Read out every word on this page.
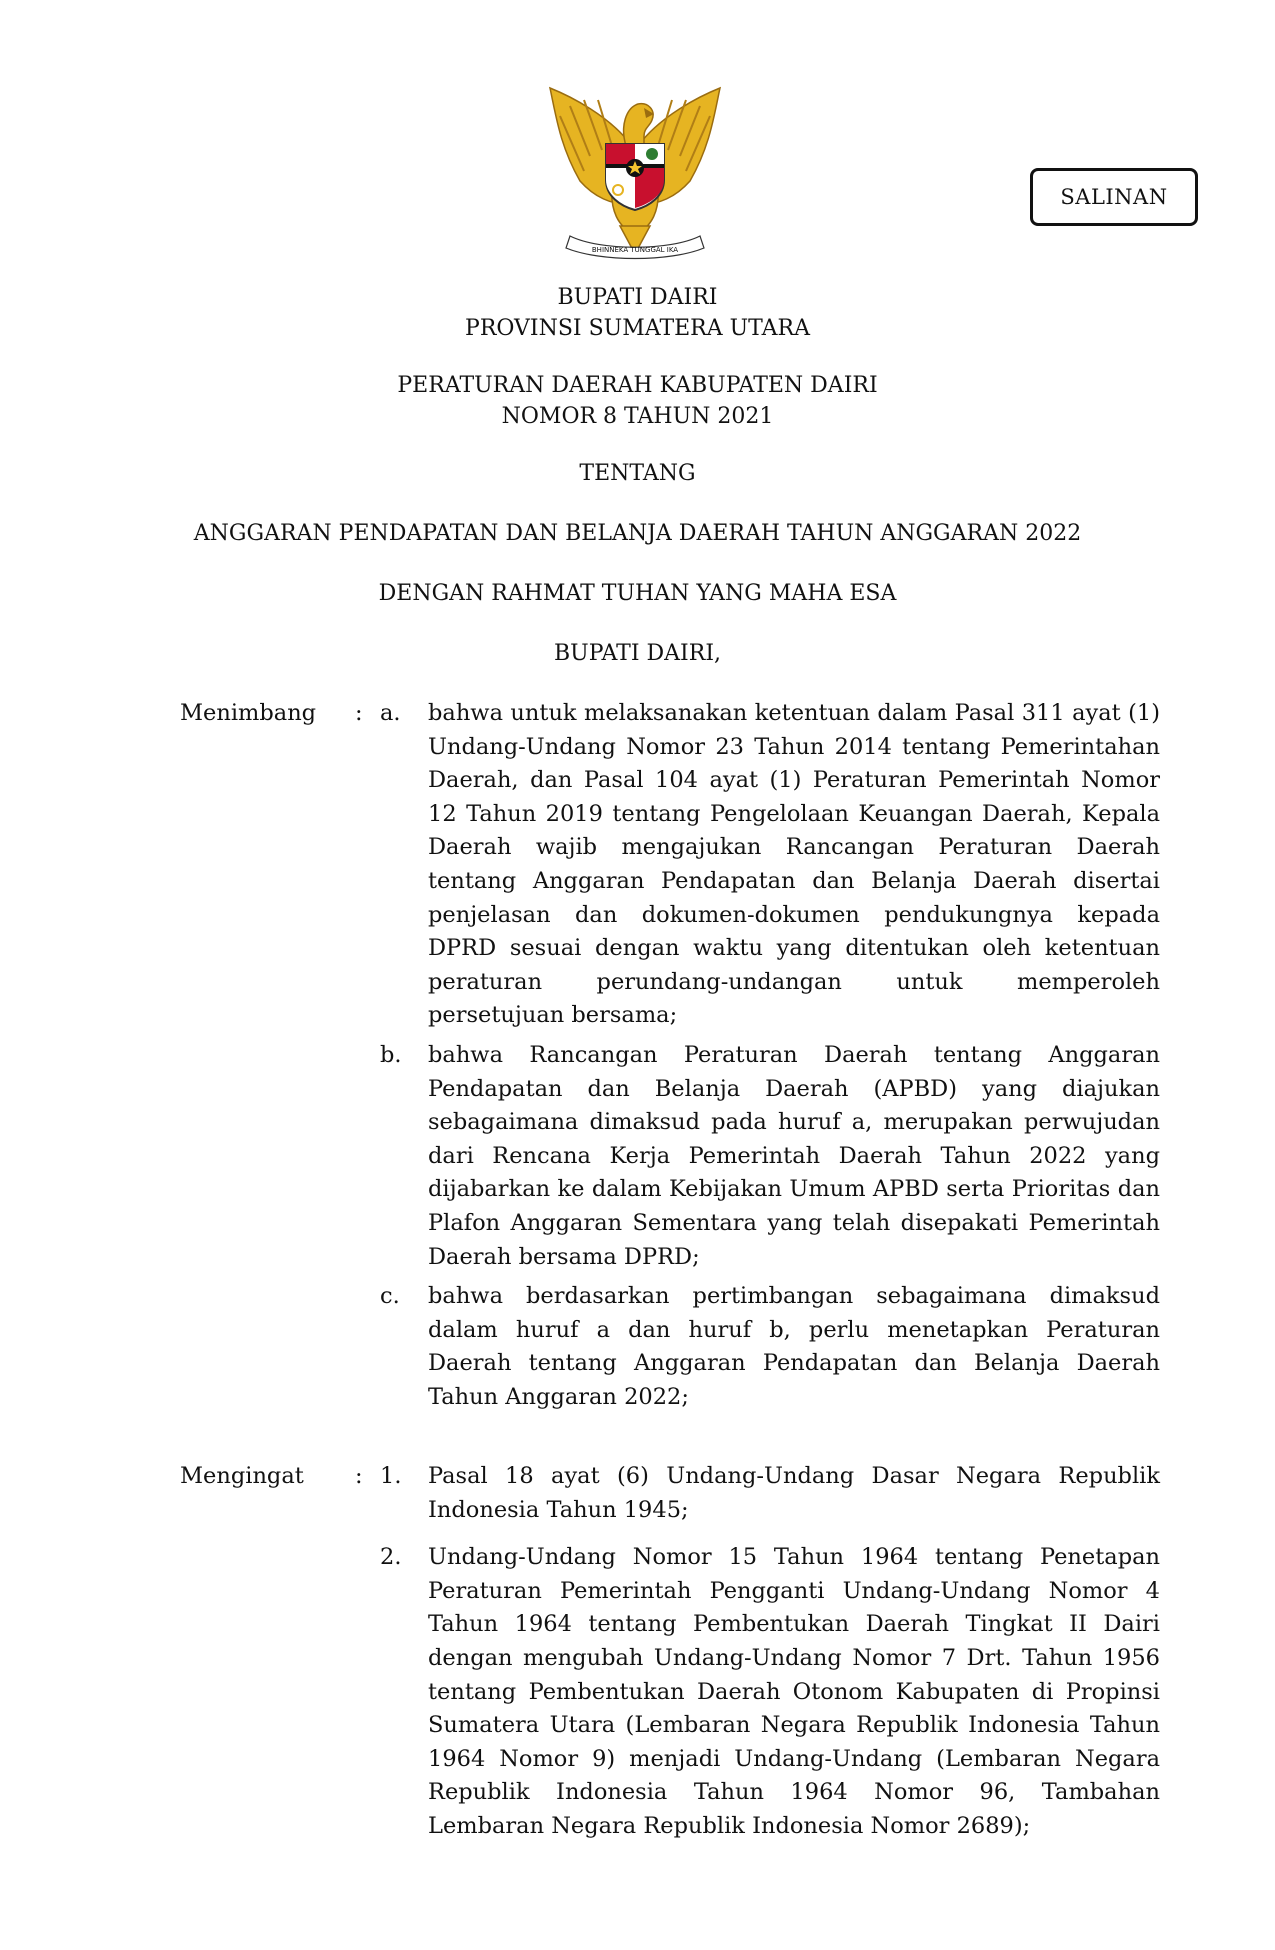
BHINNEKA TUNGGAL IKA
SALINAN
BUPATI DAIRI
PROVINSI SUMATERA UTARA
PERATURAN DAERAH KABUPATEN DAIRI
NOMOR 8 TAHUN 2021
TENTANG
ANGGARAN PENDAPATAN DAN BELANJA DAERAH TAHUN ANGGARAN 2022
DENGAN RAHMAT TUHAN YANG MAHA ESA
BUPATI DAIRI,
Menimbang : a. bahwa untuk melaksanakan ketentuan dalam Pasal 311 ayat (1) Undang-Undang Nomor 23 Tahun 2014 tentang Pemerintahan Daerah, dan Pasal 104 ayat (1) Peraturan Pemerintah Nomor 12 Tahun 2019 tentang Pengelolaan Keuangan Daerah, Kepala Daerah wajib mengajukan Rancangan Peraturan Daerah tentang Anggaran Pendapatan dan Belanja Daerah disertai penjelasan dan dokumen-dokumen pendukungnya kepada DPRD sesuai dengan waktu yang ditentukan oleh ketentuan peraturan perundang-undangan untuk memperoleh persetujuan bersama;
b. bahwa Rancangan Peraturan Daerah tentang Anggaran Pendapatan dan Belanja Daerah (APBD) yang diajukan sebagaimana dimaksud pada huruf a, merupakan perwujudan dari Rencana Kerja Pemerintah Daerah Tahun 2022 yang dijabarkan ke dalam Kebijakan Umum APBD serta Prioritas dan Plafon Anggaran Sementara yang telah disepakati Pemerintah Daerah bersama DPRD;
c. bahwa berdasarkan pertimbangan sebagaimana dimaksud dalam huruf a dan huruf b, perlu menetapkan Peraturan Daerah tentang Anggaran Pendapatan dan Belanja Daerah Tahun Anggaran 2022;
Mengingat : 1. Pasal 18 ayat (6) Undang-Undang Dasar Negara Republik Indonesia Tahun 1945;
2. Undang-Undang Nomor 15 Tahun 1964 tentang Penetapan Peraturan Pemerintah Pengganti Undang-Undang Nomor 4 Tahun 1964 tentang Pembentukan Daerah Tingkat II Dairi dengan mengubah Undang-Undang Nomor 7 Drt. Tahun 1956 tentang Pembentukan Daerah Otonom Kabupaten di Propinsi Sumatera Utara (Lembaran Negara Republik Indonesia Tahun 1964 Nomor 9) menjadi Undang-Undang (Lembaran Negara Republik Indonesia Tahun 1964 Nomor 96, Tambahan Lembaran Negara Republik Indonesia Nomor 2689);
